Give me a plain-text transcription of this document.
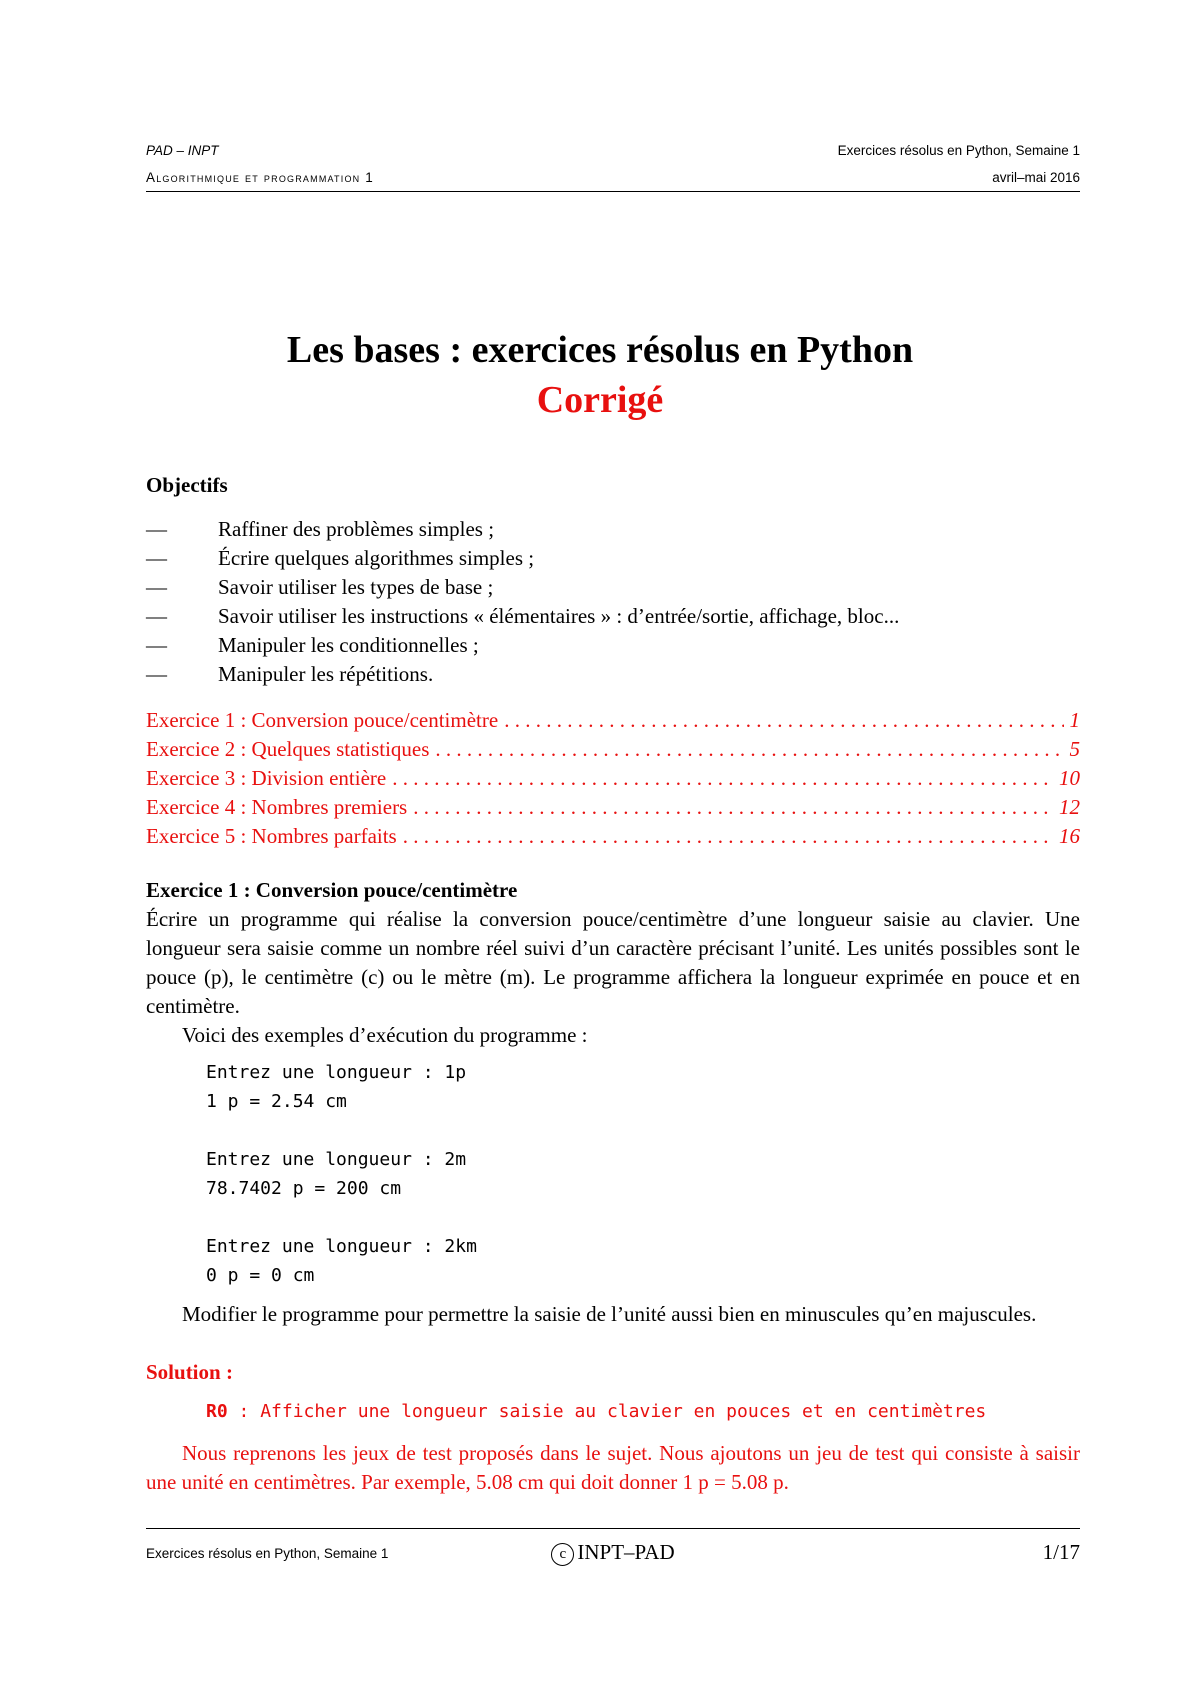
PAD – INPT	Exercices résolus en Python, Semaine 1
Algorithmique et programmation 1	avril–mai 2016
Les bases : exercices résolus en Python
Corrigé

Objectifs

— Raffiner des problèmes simples ;
— Écrire quelques algorithmes simples ;
— Savoir utiliser les types de base ;
— Savoir utiliser les instructions « élémentaires » : d’entrée/sortie, affichage, bloc...
— Manipuler les conditionnelles ;
— Manipuler les répétitions.
Exercice 1 : Conversion pouce/centimètre . . .	1
Exercice 2 : Quelques statistiques . . .	5
Exercice 3 : Division entière . . .	10
Exercice 4 : Nombres premiers . . .	12
Exercice 5 : Nombres parfaits . . .	16

Exercice 1 : Conversion pouce/centimètre

Écrire un programme qui réalise la conversion pouce/centimètre d’une longueur saisie au clavier. Une longueur sera saisie comme un nombre réel suivi d’un caractère précisant l’unité. Les unités possibles sont le pouce (p), le centimètre (c) ou le mètre (m). Le programme affichera la longueur exprimée en pouce et en centimètre.

Voici des exemples d’exécution du programme :

Entrez une longueur : 1p
1 p = 2.54 cm
Entrez une longueur : 2m
78.7402 p = 200 cm
Entrez une longueur : 2km
0 p = 0 cm

Modifier le programme pour permettre la saisie de l’unité aussi bien en minuscules qu’en majuscules.

Solution :

R0 : Afficher une longueur saisie au clavier en pouces et en centimètres

Nous reprenons les jeux de test proposés dans le sujet. Nous ajoutons un jeu de test qui consiste à saisir une unité en centimètres. Par exemple, 5.08 cm qui doit donner 1 p = 5.08 p.

Exercices résolus en Python, Semaine 1	c INPT–PAD	1/17
